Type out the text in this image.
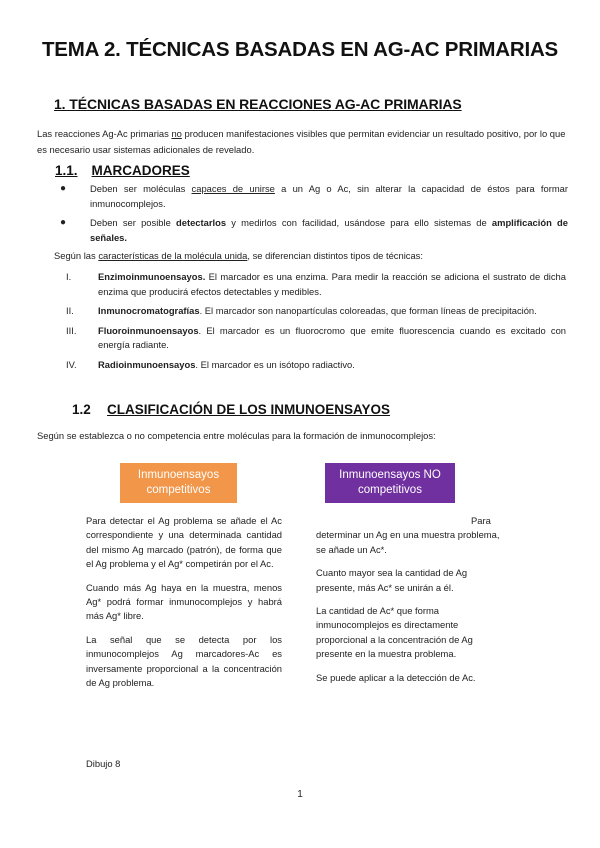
TEMA 2. TÉCNICAS BASADAS EN AG-AC PRIMARIAS
1. TÉCNICAS BASADAS EN REACCIONES AG-AC PRIMARIAS
Las reacciones Ag-Ac primarias no producen manifestaciones visibles que permitan evidenciar un resultado positivo, por lo que es necesario usar sistemas adicionales de revelado.
1.1. MARCADORES
●	Deben ser moléculas capaces de unirse a un Ag o Ac, sin alterar la capacidad de éstos para formar inmunocomplejos.
●	Deben ser posible detectarlos y medirlos con facilidad, usándose para ello sistemas de amplificación de señales.
Según las características de la molécula unida, se diferencian distintos tipos de técnicas:
I.	Enzimoinmunoensayos. El marcador es una enzima. Para medir la reacción se adiciona el sustrato de dicha enzima que producirá efectos detectables y medibles.
II.	Inmunocromatografías. El marcador son nanopartículas coloreadas, que forman líneas de precipitación.
III. Fluoroinmunoensayos. El marcador es un fluorocromo que emite fluorescencia cuando es excitado con energía radiante.
IV. Radioinmunoensayos. El marcador es un isótopo radiactivo.
1.2 CLASIFICACIÓN DE LOS INMUNOENSAYOS
Según se establezca o no competencia entre moléculas para la formación de inmunocomplejos:
Inmunoensayos
competitivos
Inmunoensayos NO
competitivos

Para detectar el Ag problema se añade el Ac correspondiente y una determinada cantidad del mismo Ag marcado (patrón), de forma que el Ag problema y el Ag* competirán por el Ac.

Cuando más Ag haya en la muestra, menos Ag* podrá formar inmunocomplejos y habrá más Ag* libre.

La señal que se detecta por los inmunocomplejos Ag marcadores-Ac es inversamente proporcional a la concentración de Ag problema.

Para determinar un Ag en una muestra problema, se añade un Ac*.

Cuanto mayor sea la cantidad de Ag presente, más Ac* se unirán a él.

La cantidad de Ac* que forma inmunocomplejos es directamente proporcional a la concentración de Ag presente en la muestra problema.

Se puede aplicar a la detección de Ac.

Dibujo 8
1
